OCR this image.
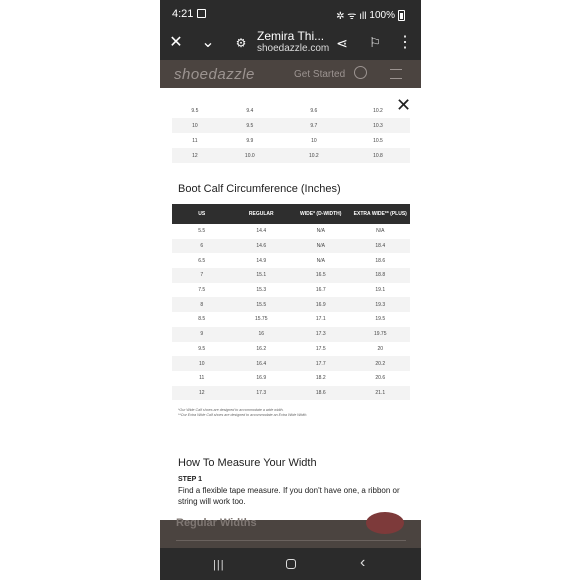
4:21	✲ ᯤ ıll 100%
✕ ⌄	⚙ Zemira Thi...
shoedazzle.com ⋖ ⚐ ⋮
shoedazzle	Get Started
✕
9.5	9.4	9.6	10.2
10	9.5	9.7	10.3
11	9.9	10	10.5
12	10.0	10.2	10.8
Boot Calf Circumference (Inches)
US	REGULAR	WIDE* (D-WIDTH)	EXTRA WIDE** (PLUS)
5.5	14.4	N/A	N/A
6	14.6	N/A	18.4
6.5	14.9	N/A	18.6
7	15.1	16.5	18.8
7.5	15.3	16.7	19.1
8	15.5	16.9	19.3
8.5	15.75	17.1	19.5
9	16	17.3	19.75
9.5	16.2	17.5	20
10	16.4	17.7	20.2
11	16.9	18.2	20.6
12	17.3	18.6	21.1
*Our Wide Calf shoes are designed to accommodate a wide width.
**Our Extra Wide Calf shoes are designed to accommodate an Extra Wide Width.
How To Measure Your Width
STEP 1
Find a flexible tape measure. If you don't have one, a ribbon or string will work too.
Regular Widths
|||	‹
